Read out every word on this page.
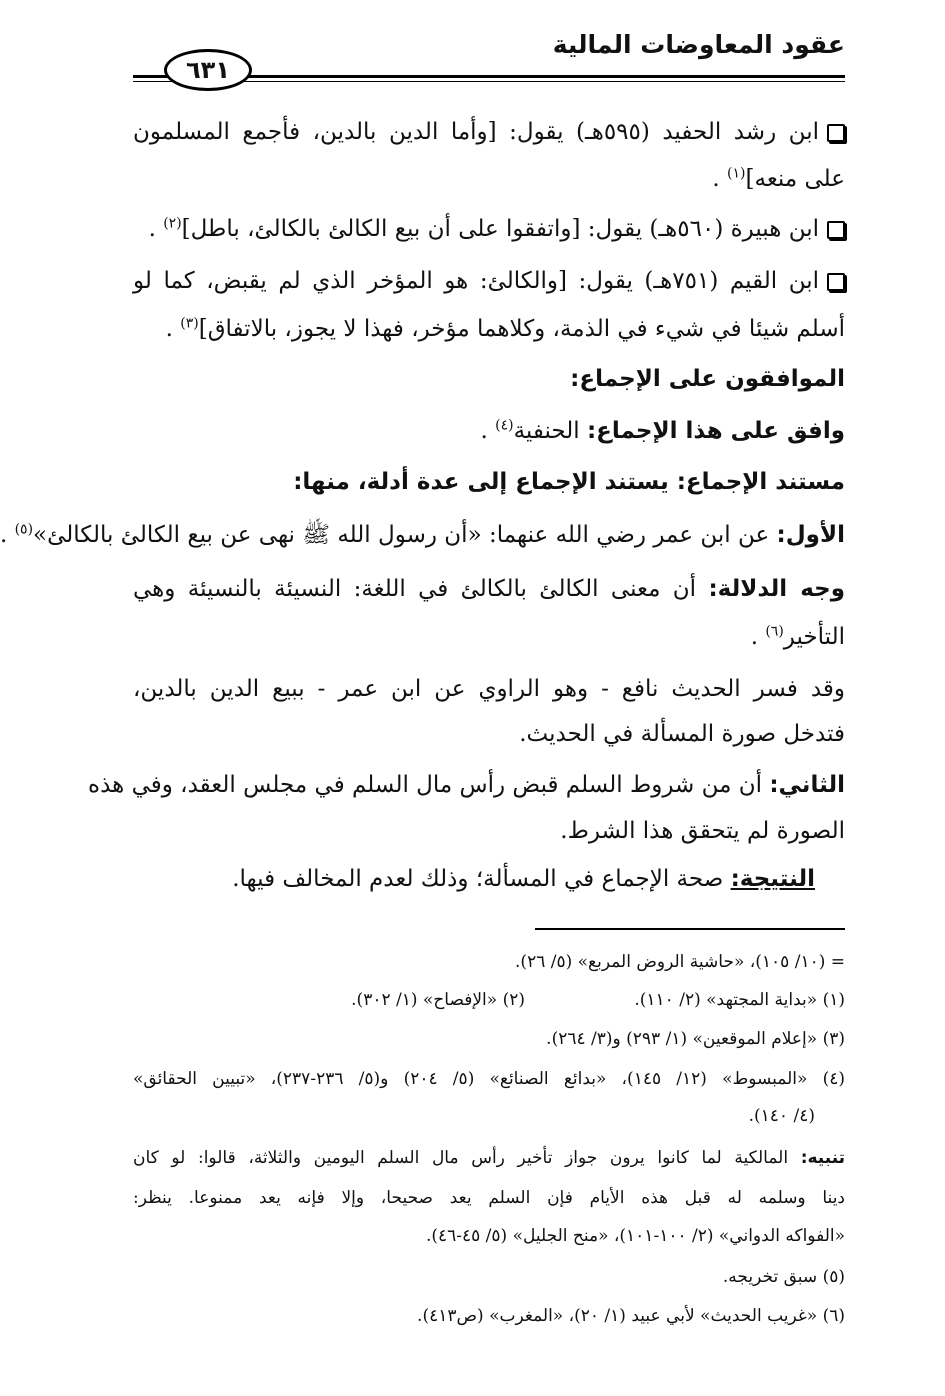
عقود المعاوضات المالية
٦٣١
ابن رشد الحفيد (٥٩٥هـ) يقول: [وأما الدين بالدين، فأجمع المسلمون
على منعه]$^{(١)}$ .
ابن هبيرة (٥٦٠هـ) يقول: [واتفقوا على أن بيع الكالئ بالكالئ، باطل]$^{(٢)}$ .
ابن القيم (٧٥١هـ) يقول: [والكالئ: هو المؤخر الذي لم يقبض، كما لو
أسلم شيئا في شيء في الذمة، وكلاهما مؤخر، فهذا لا يجوز، بالاتفاق]$^{(٣)}$ .
الموافقون على الإجماع:
وافق على هذا الإجماع: الحنفية$^{(٤)}$ .
مستند الإجماع: يستند الإجماع إلى عدة أدلة، منها:
الأول: عن ابن عمر رضي الله عنهما: «أن رسول الله ﷺ نهى عن بيع الكالئ بالكالئ»$^{(٥)}$ .
وجه الدلالة: أن معنى الكالئ بالكالئ في اللغة: النسيئة بالنسيئة وهي
التأخير$^{(٦)}$ .
وقد فسر الحديث نافع - وهو الراوي عن ابن عمر - ببيع الدين بالدين،
فتدخل صورة المسألة في الحديث.
الثاني: أن من شروط السلم قبض رأس مال السلم في مجلس العقد، وفي هذه
الصورة لم يتحقق هذا الشرط.
النتيجة: صحة الإجماع في المسألة؛ وذلك لعدم المخالف فيها.
= (١٠/ ١٠٥)، «حاشية الروض المربع» (٥/ ٢٦).
(١) «بداية المجتهد» (٢/ ١١٠).
(٢) «الإفصاح» (١/ ٣٠٢).
(٣) «إعلام الموقعين» (١/ ٢٩٣) و(٣/ ٢٦٤).
(٤) «المبسوط» (١٢/ ١٤٥)، «بدائع الصنائع» (٥/ ٢٠٤) و(٥/ ٢٣٦-٢٣٧)، «تبيين الحقائق»
(٤/ ١٤٠).
تنبيه: المالكية لما كانوا يرون جواز تأخير رأس مال السلم اليومين والثلاثة، قالوا: لو كان
دينا وسلمه له قبل هذه الأيام فإن السلم يعد صحيحا، وإلا فإنه يعد ممنوعا. ينظر:
«الفواكه الدواني» (٢/ ١٠٠-١٠١)، «منح الجليل» (٥/ ٤٥-٤٦).
(٥) سبق تخريجه.
(٦) «غريب الحديث» لأبي عبيد (١/ ٢٠)، «المغرب» (ص٤١٣).
